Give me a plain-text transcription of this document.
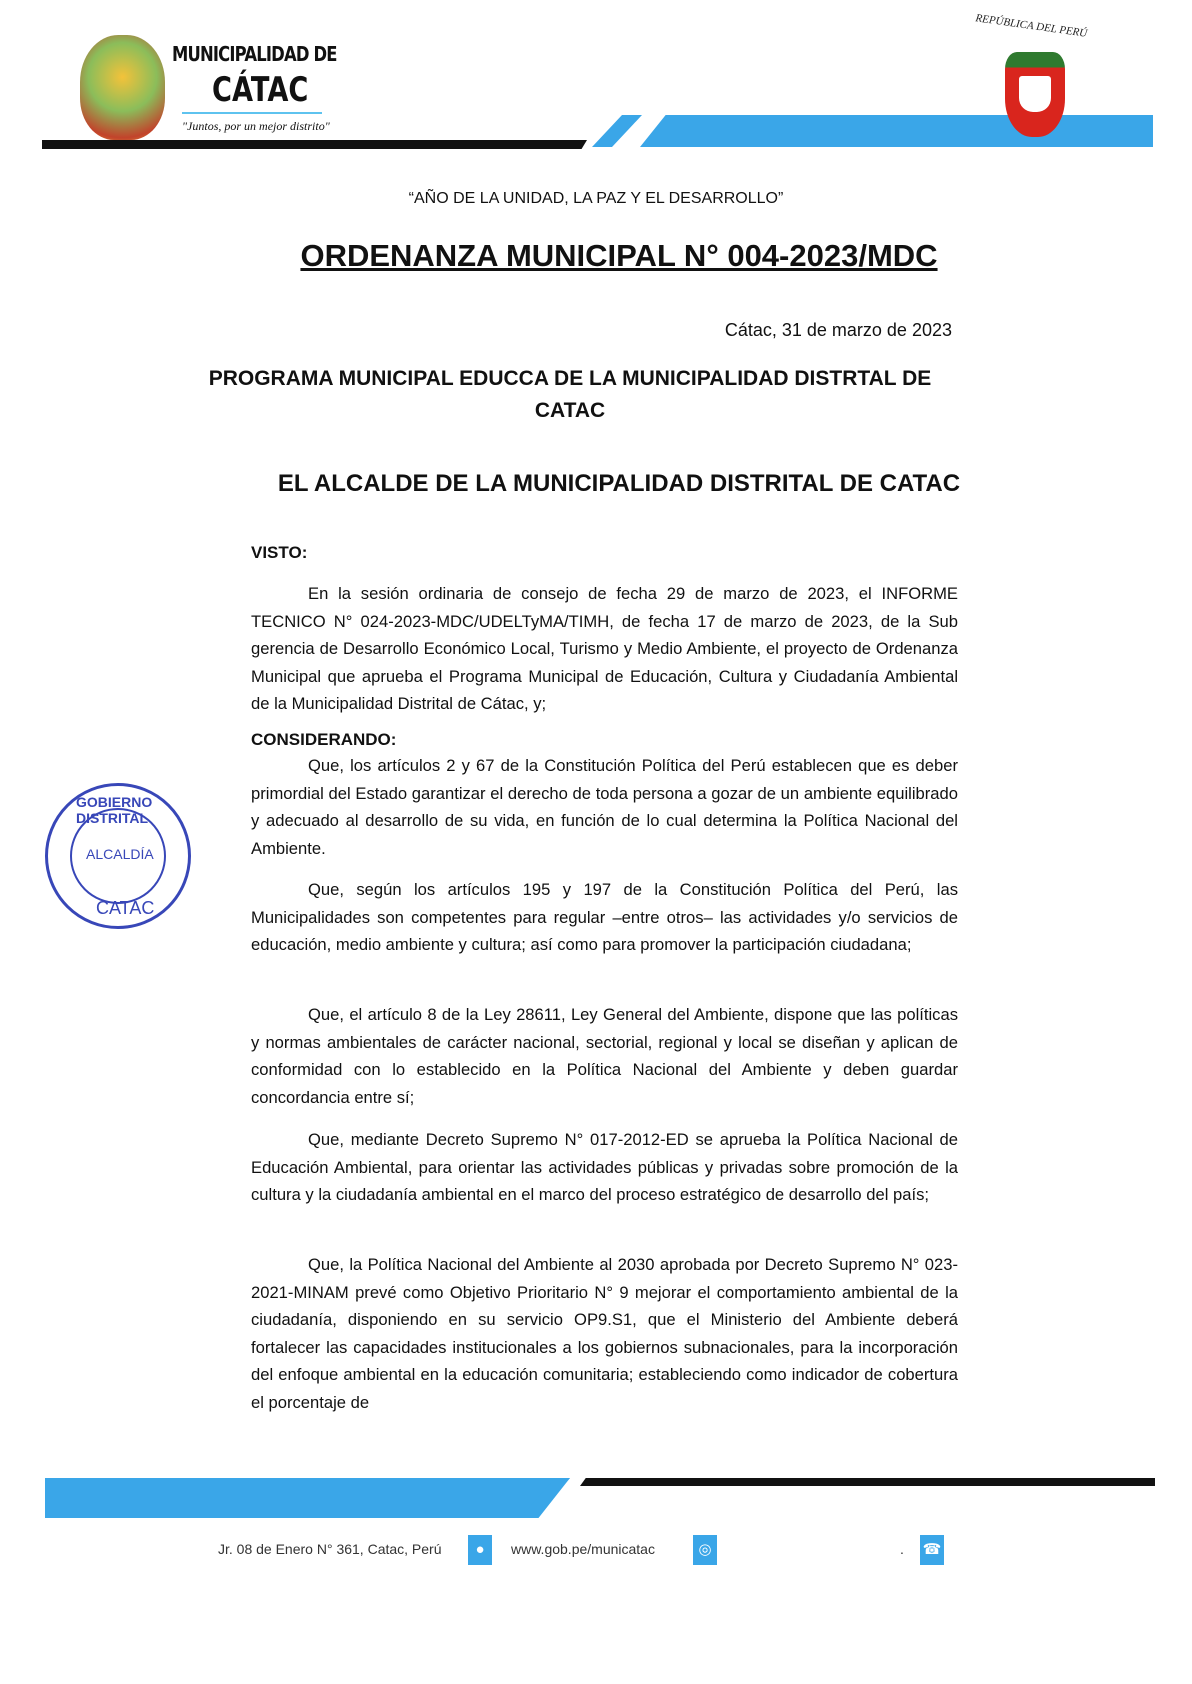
MUNICIPALIDAD DE
CÁTAC
"Juntos, por un mejor distrito"
REPÚBLICA DEL PERÚ
“AÑO DE LA UNIDAD, LA PAZ Y EL DESARROLLO”
ORDENANZA MUNICIPAL N° 004-2023/MDC
Cátac, 31 de marzo de 2023
PROGRAMA MUNICIPAL EDUCCA DE LA MUNICIPALIDAD DISTRTAL DE CATAC
EL ALCALDE DE LA MUNICIPALIDAD DISTRITAL DE CATAC
VISTO:
En la sesión ordinaria de consejo de fecha 29 de marzo de 2023, el INFORME TECNICO N° 024-2023-MDC/UDELTyMA/TIMH, de fecha 17 de marzo de 2023, de la Sub gerencia de Desarrollo Económico Local, Turismo y Medio Ambiente, el proyecto de Ordenanza Municipal que aprueba el Programa Municipal de Educación, Cultura y Ciudadanía Ambiental de la Municipalidad Distrital de Cátac, y;
CONSIDERANDO:
Que, los artículos 2 y 67 de la Constitución Política del Perú establecen que es deber primordial del Estado garantizar el derecho de toda persona a gozar de un ambiente equilibrado y adecuado al desarrollo de su vida, en función de lo cual determina la Política Nacional del Ambiente.
Que, según los artículos 195 y 197 de la Constitución Política del Perú, las Municipalidades son competentes para regular –entre otros– las actividades y/o servicios de educación, medio ambiente y cultura; así como para promover la participación ciudadana;
Que, el artículo 8 de la Ley 28611, Ley General del Ambiente, dispone que las políticas y normas ambientales de carácter nacional, sectorial, regional y local se diseñan y aplican de conformidad con lo establecido en la Política Nacional del Ambiente y deben guardar concordancia entre sí;
Que, mediante Decreto Supremo N° 017-2012-ED se aprueba la Política Nacional de Educación Ambiental, para orientar las actividades públicas y privadas sobre promoción de la cultura y la ciudadanía ambiental en el marco del proceso estratégico de desarrollo del país;
Que, la Política Nacional del Ambiente al 2030 aprobada por Decreto Supremo N° 023-2021-MINAM prevé como Objetivo Prioritario N° 9 mejorar el comportamiento ambiental de la ciudadanía, disponiendo en su servicio OP9.S1, que el Ministerio del Ambiente deberá fortalecer las capacidades institucionales a los gobiernos subnacionales, para la incorporación del enfoque ambiental en la educación comunitaria; estableciendo como indicador de cobertura el porcentaje de
GOBIERNO DISTRITAL
ALCALDÍA
CATAC
Jr. 08 de Enero N° 361, Catac, Perú	●	www.gob.pe/municatac	◎	. ☎
